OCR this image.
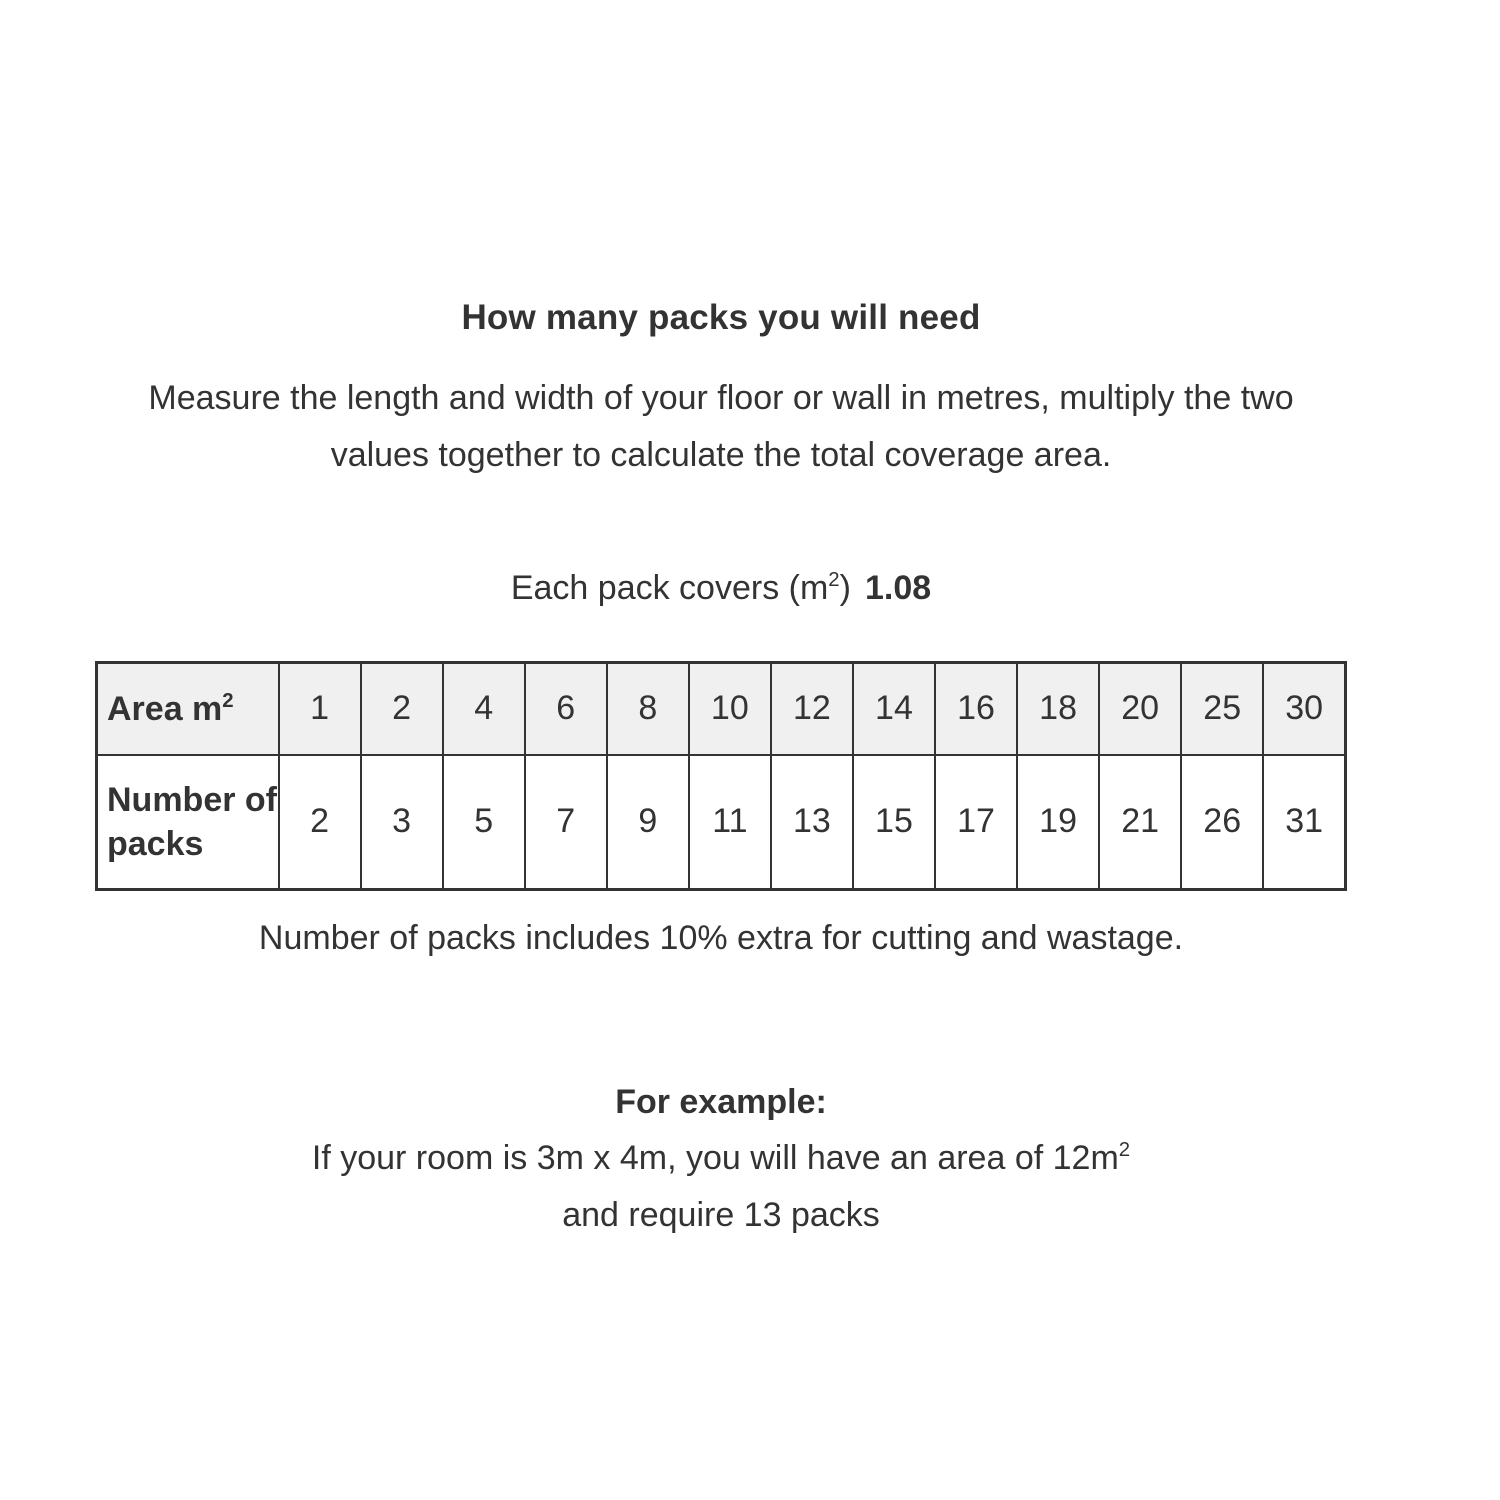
How many packs you will need
Measure the length and width of your floor or wall in metres, multiply the two values together to calculate the total coverage area.
Each pack covers $(m^2)$ 1.08
Area $m^2$	1	2	4	6	8	10	12	14	16	18	20	25	30
Number of packs	2	3	5	7	9	11	13	15	17	19	21	26	31
Number of packs includes 10% extra for cutting and wastage.
For example:
If your room is 3m x 4m, you will have an area of $12m^2$
and require 13 packs
